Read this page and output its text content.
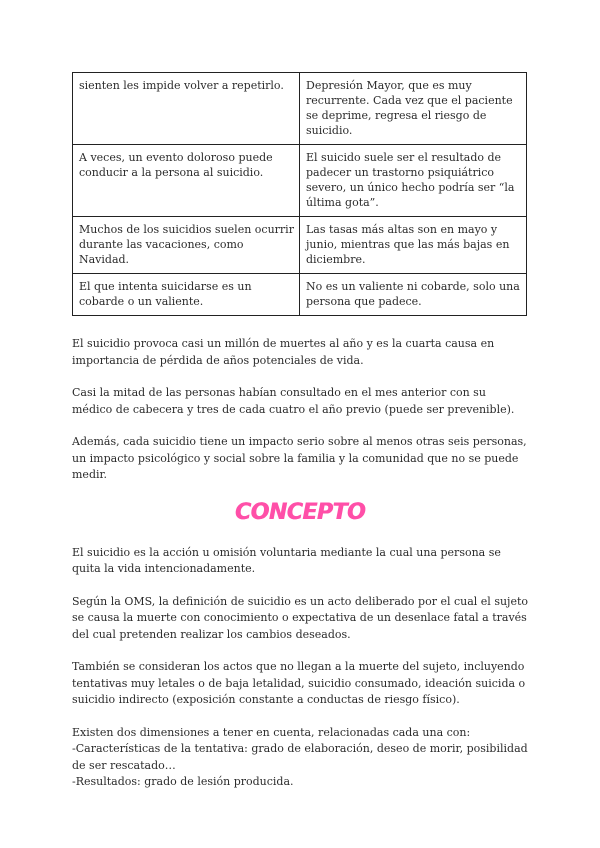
sienten les impide volver a repetirlo.	Depresión Mayor, que es muy recurrente. Cada vez que el paciente se deprime, regresa el riesgo de suicidio.
A veces, un evento doloroso puede conducir a la persona al suicidio.	El suicido suele ser el resultado de padecer un trastorno psiquiátrico severo, un único hecho podría ser “la última gota”.
Muchos de los suicidios suelen ocurrir durante las vacaciones, como Navidad.	Las tasas más altas son en mayo y junio, mientras que las más bajas en diciembre.
El que intenta suicidarse es un cobarde o un valiente.	No es un valiente ni cobarde, solo una persona que padece.

El suicidio provoca casi un millón de muertes al año y es la cuarta causa en importancia de pérdida de años potenciales de vida.

Casi la mitad de las personas habían consultado en el mes anterior con su médico de cabecera y tres de cada cuatro el año previo (puede ser prevenible).

Además, cada suicidio tiene un impacto serio sobre al menos otras seis personas, un impacto psicológico y social sobre la familia y la comunidad que no se puede medir.

CONCEPTO

El suicidio es la acción u omisión voluntaria mediante la cual una persona se quita la vida intencionadamente.

Según la OMS, la definición de suicidio es un acto deliberado por el cual el sujeto se causa la muerte con conocimiento o expectativa de un desenlace fatal a través del cual pretenden realizar los cambios deseados.

También se consideran los actos que no llegan a la muerte del sujeto, incluyendo tentativas muy letales o de baja letalidad, suicidio consumado, ideación suicida o suicidio indirecto (exposición constante a conductas de riesgo físico).

Existen dos dimensiones a tener en cuenta, relacionadas cada una con:
-Características de la tentativa: grado de elaboración, deseo de morir, posibilidad de ser rescatado…
-Resultados: grado de lesión producida.
